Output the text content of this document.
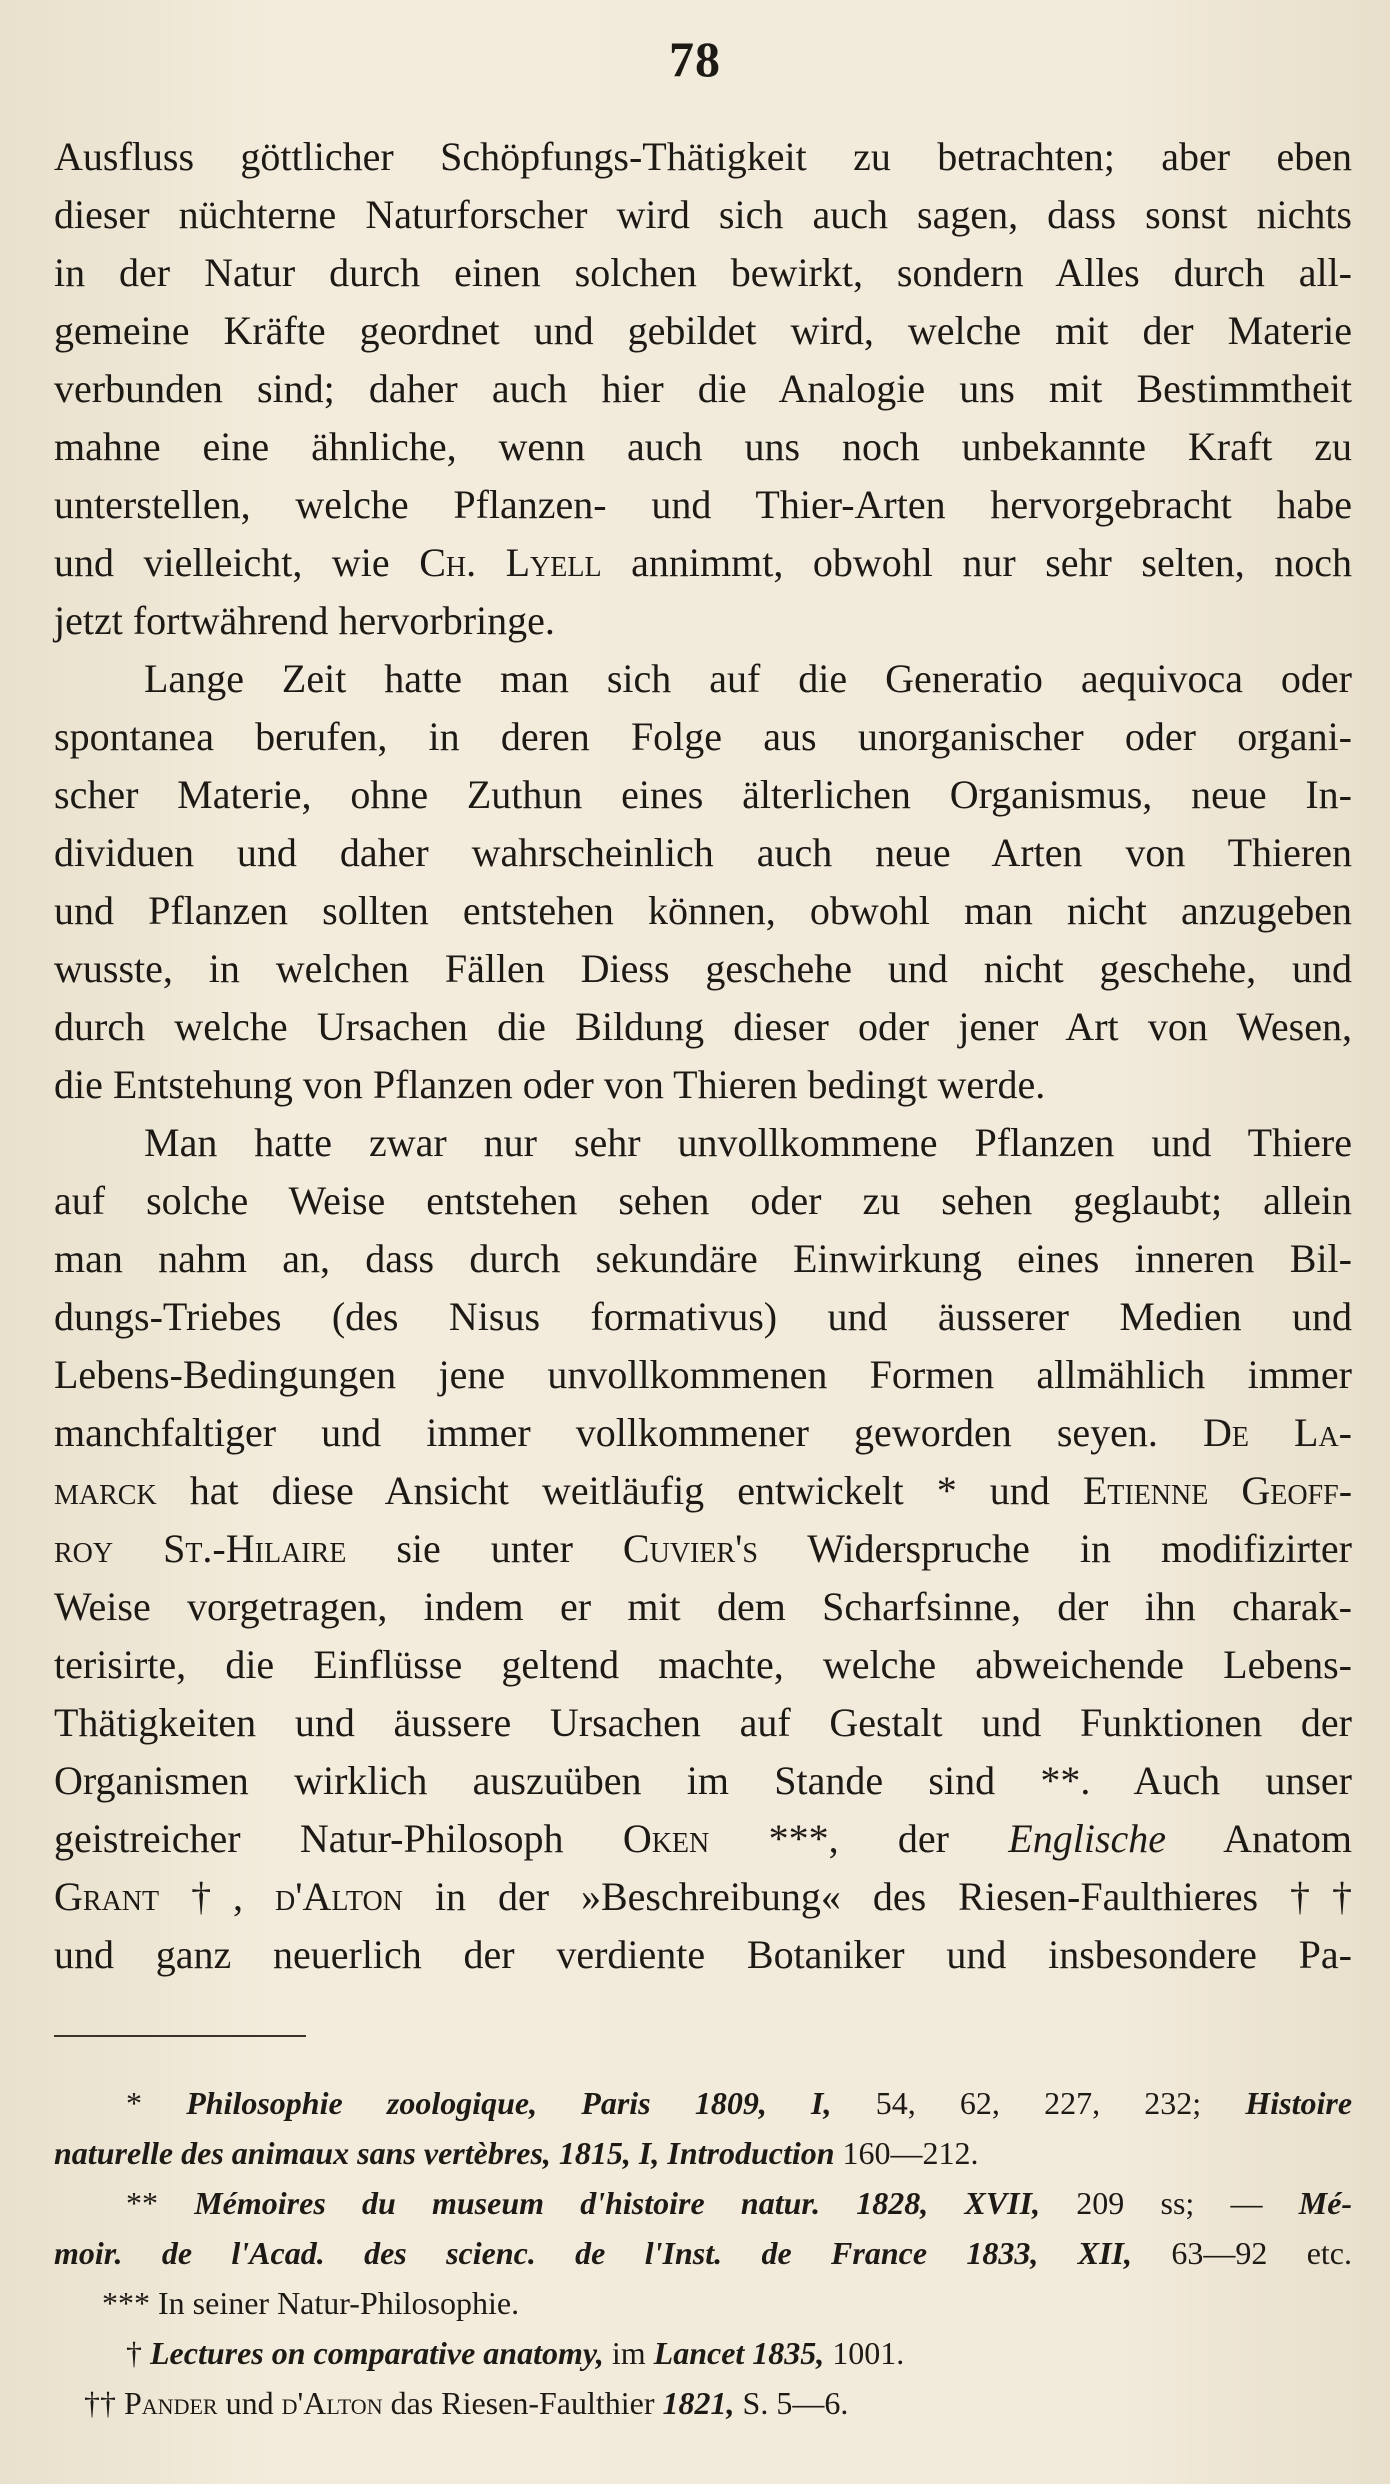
78
Ausfluss göttlicher Schöpfungs-Thätigkeit zu betrachten; aber eben
dieser nüchterne Naturforscher wird sich auch sagen, dass sonst nichts
in der Natur durch einen solchen bewirkt, sondern Alles durch all-
gemeine Kräfte geordnet und gebildet wird, welche mit der Materie
verbunden sind; daher auch hier die Analogie uns mit Bestimmtheit
mahne eine ähnliche, wenn auch uns noch unbekannte Kraft zu
unterstellen, welche Pflanzen- und Thier-Arten hervorgebracht habe
und vielleicht, wie Ch. Lyell annimmt, obwohl nur sehr selten, noch
jetzt fortwährend hervorbringe.
Lange Zeit hatte man sich auf die Generatio aequivoca oder
spontanea berufen, in deren Folge aus unorganischer oder organi-
scher Materie, ohne Zuthun eines älterlichen Organismus, neue In-
dividuen und daher wahrscheinlich auch neue Arten von Thieren
und Pflanzen sollten entstehen können, obwohl man nicht anzugeben
wusste, in welchen Fällen Diess geschehe und nicht geschehe, und
durch welche Ursachen die Bildung dieser oder jener Art von Wesen,
die Entstehung von Pflanzen oder von Thieren bedingt werde.
Man hatte zwar nur sehr unvollkommene Pflanzen und Thiere
auf solche Weise entstehen sehen oder zu sehen geglaubt; allein
man nahm an, dass durch sekundäre Einwirkung eines inneren Bil-
dungs-Triebes (des Nisus formativus) und äusserer Medien und
Lebens-Bedingungen jene unvollkommenen Formen allmählich immer
manchfaltiger und immer vollkommener geworden seyen. De La-
marck hat diese Ansicht weitläufig entwickelt * und Etienne Geoff-
roy St.-Hilaire sie unter Cuvier's Widerspruche in modifizirter
Weise vorgetragen, indem er mit dem Scharfsinne, der ihn charak-
terisirte, die Einflüsse geltend machte, welche abweichende Lebens-
Thätigkeiten und äussere Ursachen auf Gestalt und Funktionen der
Organismen wirklich auszuüben im Stande sind **. Auch unser
geistreicher Natur-Philosoph Oken ***, der Englische Anatom
Grant †, d'Alton in der »Beschreibung« des Riesen-Faulthieres ††
und ganz neuerlich der verdiente Botaniker und insbesondere Pa-
* Philosophie zoologique, Paris 1809, I, 54, 62, 227, 232; Histoire
naturelle des animaux sans vertèbres, 1815, I, Introduction 160—212.
** Mémoires du museum d'histoire natur. 1828, XVII, 209 ss; — Mé-
moir. de l'Acad. des scienc. de l'Inst. de France 1833, XII, 63—92 etc.
*** In seiner Natur-Philosophie.
† Lectures on comparative anatomy, im Lancet 1835, 1001.
†† Pander und d'Alton das Riesen-Faulthier 1821, S. 5—6.
